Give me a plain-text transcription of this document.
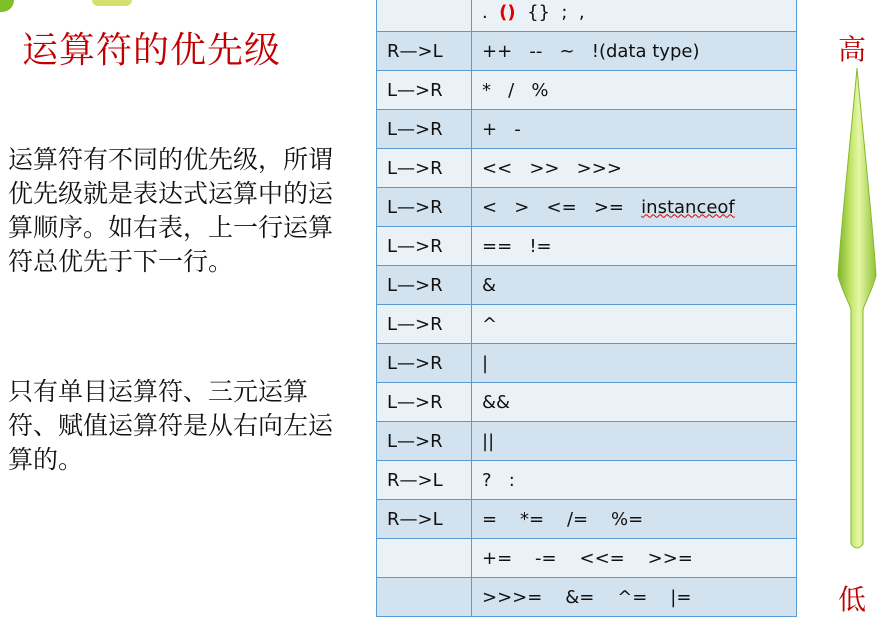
运算符的优先级

运算符有不同的优先级，所谓优先级就是表达式运算中的运算顺序。如右表，上一行运算符总优先于下一行。

只有单目运算符、三元运算符、赋值运算符是从右向左运算的。

	.  ()  {}  ;  ,
R—>L	++   --   ~   !(data type)
L—>R	*   /   %
L—>R	+   -
L—>R	<<   >>   >>>
L—>R	<   >   <=   >=   instanceof
L—>R	==   !=
L—>R	&
L—>R	^
L—>R	|
L—>R	&&
L—>R	||
R—>L	?   :
R—>L	=    *=    /=    %=
	+=    -=    <<=    >>=
	>>>=    &=    ^=    |=
高
低
